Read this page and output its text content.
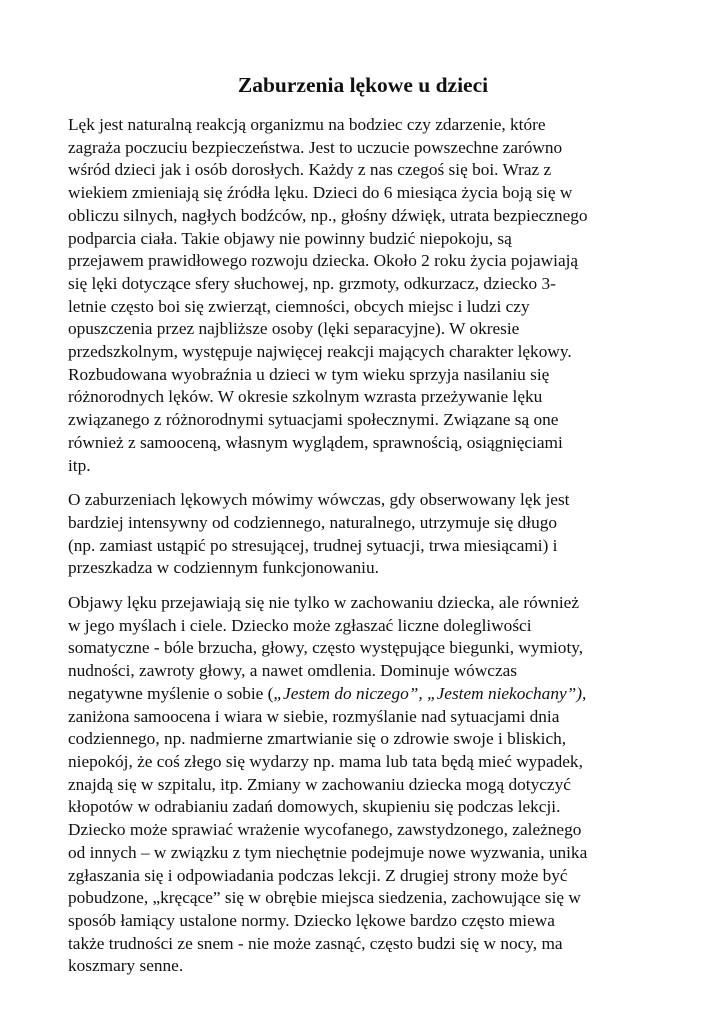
Zaburzenia lękowe u dzieci

Lęk jest naturalną reakcją organizmu na bodziec czy zdarzenie, które
zagraża poczuciu bezpieczeństwa. Jest to uczucie powszechne zarówno
wśród dzieci jak i osób dorosłych. Każdy z nas czegoś się boi. Wraz z
wiekiem zmieniają się źródła lęku. Dzieci do 6 miesiąca życia boją się w
obliczu silnych, nagłych bodźców, np., głośny dźwięk, utrata bezpiecznego
podparcia ciała. Takie objawy nie powinny budzić niepokoju, są
przejawem prawidłowego rozwoju dziecka. Około 2 roku życia pojawiają
się lęki dotyczące sfery słuchowej, np. grzmoty, odkurzacz, dziecko 3-
letnie często boi się zwierząt, ciemności, obcych miejsc i ludzi czy
opuszczenia przez najbliższe osoby (lęki separacyjne). W okresie
przedszkolnym, występuje najwięcej reakcji mających charakter lękowy.
Rozbudowana wyobraźnia u dzieci w tym wieku sprzyja nasilaniu się
różnorodnych lęków. W okresie szkolnym wzrasta przeżywanie lęku
związanego z różnorodnymi sytuacjami społecznymi. Związane są one
również z samooceną, własnym wyglądem, sprawnością, osiągnięciami
itp.

O zaburzeniach lękowych mówimy wówczas, gdy obserwowany lęk jest
bardziej intensywny od codziennego, naturalnego, utrzymuje się długo
(np. zamiast ustąpić po stresującej, trudnej sytuacji, trwa miesiącami) i
przeszkadza w codziennym funkcjonowaniu.

Objawy lęku przejawiają się nie tylko w zachowaniu dziecka, ale również
w jego myślach i ciele. Dziecko może zgłaszać liczne dolegliwości
somatyczne - bóle brzucha, głowy, często występujące biegunki, wymioty,
nudności, zawroty głowy, a nawet omdlenia. Dominuje wówczas
negatywne myślenie o sobie („Jestem do niczego”, „Jestem niekochany”),
zaniżona samoocena i wiara w siebie, rozmyślanie nad sytuacjami dnia
codziennego, np. nadmierne zmartwianie się o zdrowie swoje i bliskich,
niepokój, że coś złego się wydarzy np. mama lub tata będą mieć wypadek,
znajdą się w szpitalu, itp. Zmiany w zachowaniu dziecka mogą dotyczyć
kłopotów w odrabianiu zadań domowych, skupieniu się podczas lekcji.
Dziecko może sprawiać wrażenie wycofanego, zawstydzonego, zależnego
od innych – w związku z tym niechętnie podejmuje nowe wyzwania, unika
zgłaszania się i odpowiadania podczas lekcji. Z drugiej strony może być
pobudzone, „kręcące” się w obrębie miejsca siedzenia, zachowujące się w
sposób łamiący ustalone normy. Dziecko lękowe bardzo często miewa
także trudności ze snem - nie może zasnąć, często budzi się w nocy, ma
koszmary senne.
